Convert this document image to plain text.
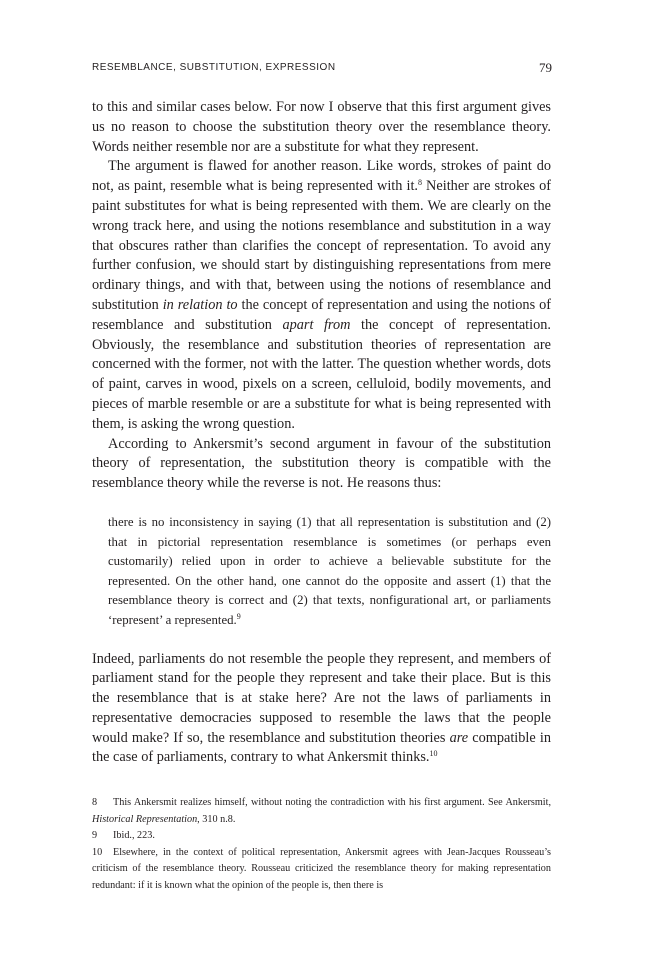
RESEMBLANCE, SUBSTITUTION, EXPRESSION	79

to this and similar cases below. For now I observe that this first argument gives us no reason to choose the substitution theory over the resemblance theory. Words neither resemble nor are a substitute for what they represent.

The argument is flawed for another reason. Like words, strokes of paint do not, as paint, resemble what is being represented with it.$^8$ Neither are strokes of paint substitutes for what is being represented with them. We are clearly on the wrong track here, and using the notions resemblance and substitution in a way that obscures rather than clarifies the concept of representation. To avoid any further confusion, we should start by distinguishing representations from mere ordinary things, and with that, between using the notions of resemblance and substitution in relation to the concept of representation and using the notions of resemblance and substitution apart from the concept of representation. Obviously, the resemblance and substitution theories of representation are concerned with the former, not with the latter. The question whether words, dots of paint, carves in wood, pixels on a screen, celluloid, bodily movements, and pieces of marble resemble or are a substitute for what is being represented with them, is asking the wrong question.

According to Ankersmit’s second argument in favour of the substitution theory of representation, the substitution theory is compatible with the resemblance theory while the reverse is not. He reasons thus:

there is no inconsistency in saying (1) that all representation is substitution and (2) that in pictorial representation resemblance is sometimes (or perhaps even customarily) relied upon in order to achieve a believable substitute for the represented. On the other hand, one cannot do the opposite and assert (1) that the resemblance theory is correct and (2) that texts, nonfigurational art, or parliaments ‘represent’ a represented.$^9$

Indeed, parliaments do not resemble the people they represent, and members of parliament stand for the people they represent and take their place. But is this the resemblance that is at stake here? Are not the laws of parliaments in representative democracies supposed to resemble the laws that the people would make? If so, the resemblance and substitution theories are compatible in the case of parliaments, contrary to what Ankersmit thinks.$^{10}$

8 This Ankersmit realizes himself, without noting the contradiction with his first argument. See Ankersmit, Historical Representation, 310 n.8.

9 Ibid., 223.

10 Elsewhere, in the context of political representation, Ankersmit agrees with Jean-Jacques Rousseau’s criticism of the resemblance theory. Rousseau criticized the resemblance theory for making representation redundant: if it is known what the opinion of the people is, then there is
